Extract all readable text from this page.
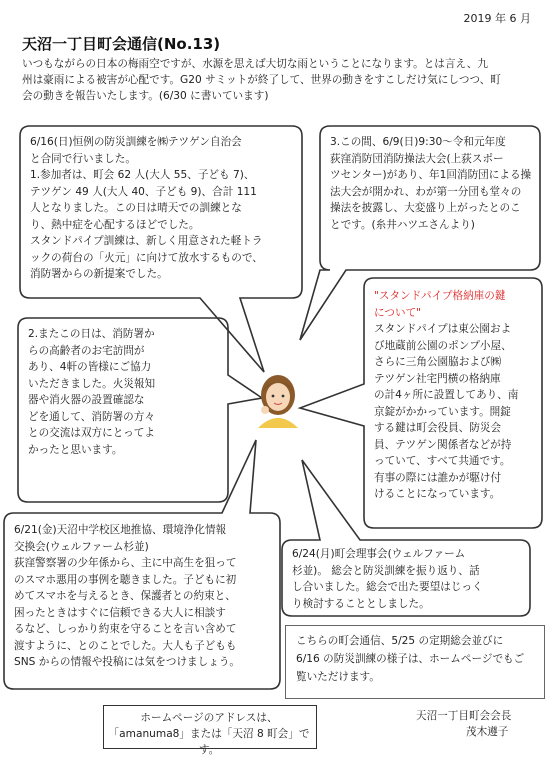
2019 年 6 月
天沼一丁目町会通信(No.13)
いつもながらの日本の梅雨空ですが、水源を思えば大切な雨ということになります。とは言え、九
州は豪雨による被害が心配です。G20 サミットが終了して、世界の動きをすこしだけ気にしつつ、町
会の動きを報告いたします。(6/30 に書いています)
6/16(日)恒例の防災訓練を㈱テツゲン自治会
と合同で行いました。
1.参加者は、町会 62 人(大人 55、子ども 7)、
テツゲン 49 人(大人 40、子ども 9)、合計 111
人となりました。この日は晴天での訓練とな
り、熱中症を心配するほどでした。
スタンドパイプ訓練は、新しく用意された軽トラ
ックの荷台の「火元」に向けて放水するもので、
消防署からの新提案でした。
3.この間、6/9(日)9:30～令和元年度
荻窪消防団消防操法大会(上荻スポー
ツセンター)があり、年1回消防団による操
法大会が開かれ、わが第一分団も堂々の
操法を披露し、大変盛り上がったとのこ
とです。(糸井ハツエさんより)
2.またこの日は、消防署か
らの高齢者のお宅訪問が
あり、4軒の皆様にご協力
いただきました。火災報知
器や消火器の設置確認な
どを通して、消防署の方々
との交流は双方にとってよ
かったと思います。
"スタンドパイプ格納庫の鍵
について"
スタンドパイプは東公園およ
び地蔵前公園のポンプ小屋、
さらに三角公園脇および㈱
テツゲン社宅門横の格納庫
の計4ヶ所に設置してあり、南
京錠がかかっています。開錠
する鍵は町会役員、防災会
員、テツゲン関係者などが持
っていて、すべて共通です。
有事の際には誰かが駆け付
けることになっています。
6/21(金)天沼中学校区地推協、環境浄化情報
交換会(ウェルファーム杉並)
荻窪警察署の少年係から、主に中高生を狙って
のスマホ悪用の事例を聴きました。子どもに初
めてスマホを与えるとき、保護者との約束と、
困ったときはすぐに信頼できる大人に相談す
るなど、しっかり約束を守ることを言い含めて
渡すように、とのことでした。大人も子どもも
SNS からの情報や投稿には気をつけましょう。
6/24(月)町会理事会(ウェルファーム
杉並)。 総会と防災訓練を振り返り、話
し合いました。総会で出た要望はじっく
り検討することとしました。
こちらの町会通信、5/25 の定期総会並びに
6/16 の防災訓練の様子は、ホームページでもご
覧いただけます。
ホームページのアドレスは、
「amanuma8」または「天沼 8 町会」です。
天沼一丁目町会会長
茂木遵子
